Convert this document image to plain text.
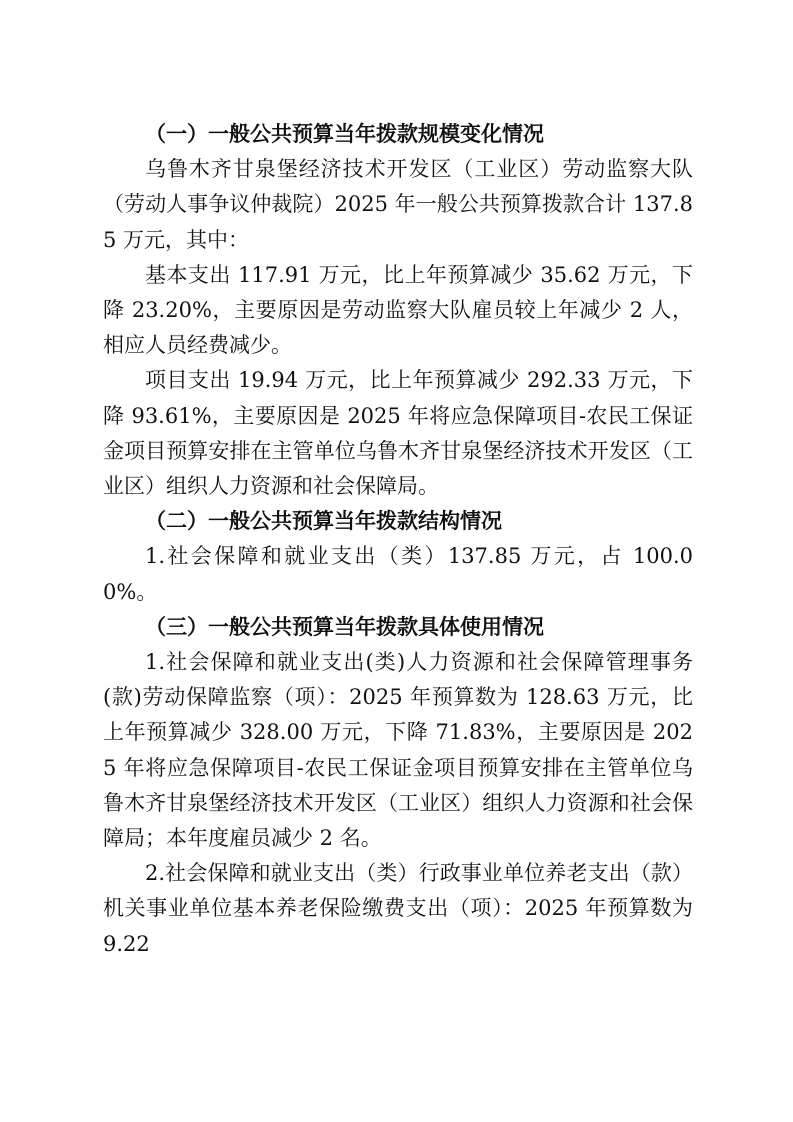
（一）一般公共预算当年拨款规模变化情况

乌鲁木齐甘泉堡经济技术开发区（工业区）劳动监察大队（劳动人事争议仲裁院）2025 年一般公共预算拨款合计 137.85 万元，其中：

基本支出 117.91 万元，比上年预算减少 35.62 万元，下降 23.20%，主要原因是劳动监察大队雇员较上年减少 2 人，相应人员经费减少。

项目支出 19.94 万元，比上年预算减少 292.33 万元，下降 93.61%，主要原因是 2025 年将应急保障项目-农民工保证金项目预算安排在主管单位乌鲁木齐甘泉堡经济技术开发区（工业区）组织人力资源和社会保障局。

（二）一般公共预算当年拨款结构情况

1.社会保障和就业支出（类）137.85 万元，占 100.00%。

（三）一般公共预算当年拨款具体使用情况

1.社会保障和就业支出(类)人力资源和社会保障管理事务(款)劳动保障监察（项）：2025 年预算数为 128.63 万元，比上年预算减少 328.00 万元，下降 71.83%，主要原因是 2025 年将应急保障项目-农民工保证金项目预算安排在主管单位乌鲁木齐甘泉堡经济技术开发区（工业区）组织人力资源和社会保障局；本年度雇员减少 2 名。

2.社会保障和就业支出（类）行政事业单位养老支出（款）机关事业单位基本养老保险缴费支出（项）：2025 年预算数为 9.22
